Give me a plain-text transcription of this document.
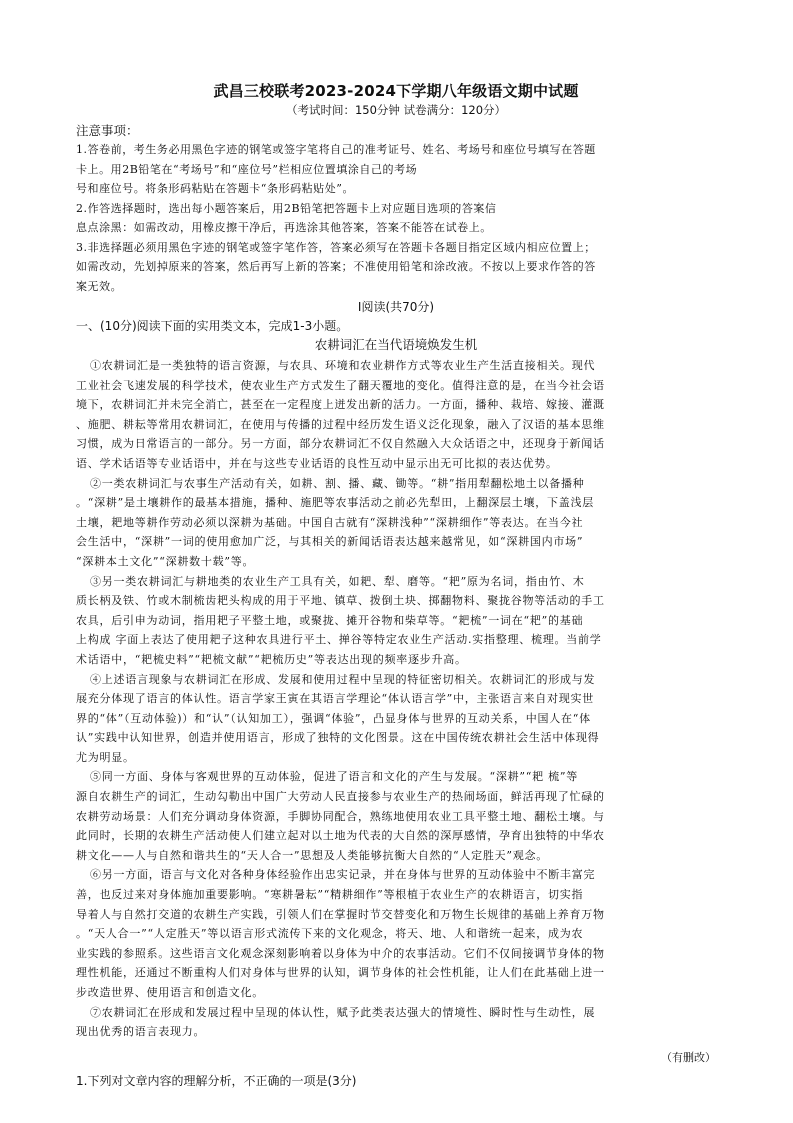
武昌三校联考2023-2024下学期八年级语文期中试题

（考试时间：150分钟 试卷满分：120分）

注意事项：

1.答卷前，考生务必用黑色字迹的钢笔或签字笔将自己的准考证号、姓名、考场号和座位号填写在答题

卡上。用2B铅笔在“考场号”和“座位号”栏相应位置填涂自己的考场

号和座位号。将条形码粘贴在答题卡“条形码粘贴处”。

2.作答选择题时，选出每小题答案后，用2B铅笔把答题卡上对应题目选项的答案信

息点涂黑：如需改动，用橡皮擦干净后，再选涂其他答案，答案不能答在试卷上。

3.非选择题必须用黑色字迹的钢笔或签字笔作答，答案必须写在答题卡各题目指定区域内相应位置上；

如需改动，先划掉原来的答案，然后再写上新的答案；不准使用铅笔和涂改液。不按以上要求作答的答

案无效。

I阅读(共70分)

一、(10分)阅读下面的实用类文本，完成1-3小题。

农耕词汇在当代语境焕发生机

①农耕词汇是一类独特的语言资源，与农具、环境和农业耕作方式等农业生产生活直接相关。现代

工业社会飞速发展的科学技术，使农业生产方式发生了翻天覆地的变化。值得注意的是，在当今社会语

境下，农耕词汇并未完全消亡，甚至在一定程度上迸发出新的活力。一方面，播种、栽培、嫁接、灌溉

、施肥、耕耘等常用农耕词汇，在使用与传播的过程中经历发生语义泛化现象，融入了汉语的基本思维

习惯，成为日常语言的一部分。另一方面，部分农耕词汇不仅自然融入大众话语之中，还现身于新闻话

语、学术话语等专业话语中，并在与这些专业话语的良性互动中显示出无可比拟的表达优势。

②一类农耕词汇与农事生产活动有关，如耕、割、播、藏、锄等。“耕”指用犁翻松地土以备播种

。“深耕”是土壤耕作的最基本措施，播种、施肥等农事活动之前必先犁田，上翻深层土壤，下盖浅层

土壤，耙地等耕作劳动必须以深耕为基础。中国自古就有“深耕浅种”“深耕细作”等表达。在当今社

会生活中，“深耕”一词的使用愈加广泛，与其相关的新闻话语表达越来越常见，如“深耕国内市场”

“深耕本土文化”“深耕数十载”等。

③另一类农耕词汇与耕地类的农业生产工具有关，如耙、犁、磨等。“耙”原为名词，指由竹、木

质长柄及铁、竹或木制梳齿耙头构成的用于平地、镇草、拨倒土块、掷翻物料、聚拢谷物等活动的手工

农具，后引申为动词，指用耙子平整土地，或聚拢、摊开谷物和柴草等。“耙梳”一词在“耙”的基础

上构成 字面上表达了使用耙子这种农具进行平土、掸谷等特定农业生产活动.实指整理、梳理。当前学

术话语中，“耙梳史料”“耙梳文献”“耙梳历史”等表达出现的频率逐步升高。

④上述语言现象与农耕词汇在形成、发展和使用过程中呈现的特征密切相关。农耕词汇的形成与发

展充分体现了语言的体认性。语言学家王寅在其语言学理论“体认语言学”中，主张语言来自对现实世

界的“体”（互动体验)）和“认”（认知加工），强调“体验”，凸显身体与世界的互动关系，中国人在“体

认”实践中认知世界，创造并使用语言，形成了独特的文化图景。这在中国传统农耕社会生活中体现得

尤为明显。

⑤同一方面、身体与客观世界的互动体验，促进了语言和文化的产生与发展。“深耕”“耙 梳”等

源自农耕生产的词汇，生动勾勒出中国广大劳动人民直接参与农业生产的热闹场面，鲜活再现了忙碌的

农耕劳动场景：人们充分调动身体资源，手脚协同配合，熟练地使用农业工具平整土地、翻松土壤。与

此同时，长期的农耕生产活动使人们建立起对以土地为代表的大自然的深厚感情，孕育出独特的中华农

耕文化——人与自然和谐共生的“天人合一”思想及人类能够抗衡大自然的“人定胜天”观念。

⑥另一方面，语言与文化对各种身体经验作出忠实记录，并在身体与世界的互动体验中不断丰富完

善，也反过来对身体施加重要影响。“寒耕暑耘”“精耕细作”等根植于农业生产的农耕语言，切实指

导着人与自然打交道的农耕生产实践，引领人们在掌握时节交替变化和万物生长规律的基础上养育万物

。“天人合一”“人定胜天”等以语言形式流传下来的文化观念，将天、地、人和谐统一起来，成为农

业实践的参照系。这些语言文化观念深刻影响着以身体为中介的农事活动。它们不仅间接调节身体的物

理性机能，还通过不断重构人们对身体与世界的认知，调节身体的社会性机能，让人们在此基础上进一

步改造世界、使用语言和创造文化。

⑦农耕词汇在形成和发展过程中呈现的体认性，赋予此类表达强大的情境性、瞬时性与生动性，展

现出优秀的语言表现力。

（有删改）

1.下列对文章内容的理解分析，不正确的一项是(3分)
